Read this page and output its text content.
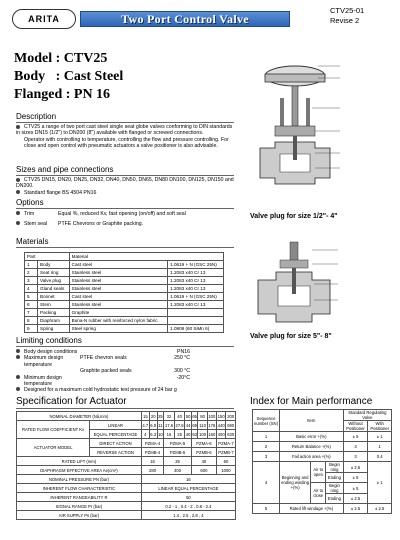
ARITA	Two Port Control Valve
CTV25-01
Revise 2
Model : CTV25
Body   : Cast Steel
Flanged : PN 16
Description
CTV25 a range of two port cast steel single seat globe valves conforming to DIN standards in sizes DN15 (1/2") to DN200 (8") available with flanged or screwed connections.
Operator with controlling to temperature, controlling the flow and pressure controlling. For close and open control with pneumatic actuators a valve positioner is also advisable.
Sizes and pipe connections
CTV25 DN15, DN20, DN25, DN32, DN40, DN50, DN65, DN80 DN100, DN125, DN150 and DN200.
Standard flange BS 4504 PN16
Options
Trim	Equal %, reduced Kv, fast opening (on/off) and soft seal
Stem seal	PTFE Chevrons or Graphite packing.
Materials
Part		Material	
1	Body	Cast steel	1.0619 + N (GSC 25N)
2	Seat ring	Stainless steel	1.2083 x40 Cr 13
3	Valve plug	Stainless steel	1.2083 x40 Cr 13
4	Gland seals	Stainless steel	1.2083 x40 Cr 13
5	Bonnet	Cast steel	1.0619 + N (GSC 25N)
6	Stem	Stainless steel	1.2083 x40 Cr 13
7	Packing	Graphite	
8	Diaphram	Buna-N rubber with reinforced nylon fabric	
9	Spring	Steel spring	1.0908 (60 SiMn 6)
Limiting conditions
Body design conditions	PN16
Maximum design temperature
PTFE chevron seals	250 °C
Graphite packed seals	300 °C
Minimum design temperature
-20°C
Designed for a maximum cold hydrostatic test pressure of 24 bar g
Valve plug for size 1/2"- 4"
Valve plug for size 5"- 8"
Specification for Actuator
NOMINAL DIAMETER (Nâ‚mm)		15	20	25	32	40	50	65	80	100	150	200
RATED FLOW COEFFICIENT Kv	LINEAR	4.7	6.9	11	17.6	27.6	44	69	110	176	440	690
	EQUAL PERCENTAGE	4	6.3	10	16	25	40	63	100	160	400	630
ACTUATOR MODEL	DIRECT ACTION	PZMA-4			PZMA-5			PZMA-6			PZMA-7	
	REVERSE ACTION	PZMB-4			PZMB-5			PZMB-6			PZMB-7	
RATED LIFT (mm)		16			25			40			60	
DIAPHRAGM EFFECTIVE AREA Ae(cm²)		280			400			600			1000	
NOMINAL PRESSURE PN (bar)		16										
INHERENT FLOW CHARACTERISTIC		LINEAR EQUAL PERCENTAGE										
INHERENT RANGEABILITY R		50										
SIGNAL RANGE Pr (bar)		0.2 - 1 , 0.4 - 2 , 0.8 - 2.4										
AIR SUPPLY Ps (bar)		1.4 , 2.5 , 2.8 , 4										
Index for Main performance
Sequence number (SN)	Item			Standard Regulating Valve	
				Without Positioner	With Positioner
1	Basic error +(%)			± 5	± 1
2	Return Balance +(%)			3	1
3	Fail action area +(%)			3	0.4
4	Beginning and ending winding +(%)	Air to open	Begin ning	± 2.5	± 1
			Ending	± 5	
		Air to close	Begin ning	± 5	
			Ending	± 2.5	
5	Rated lift windage +(%)			± 2.5	± 2.5
